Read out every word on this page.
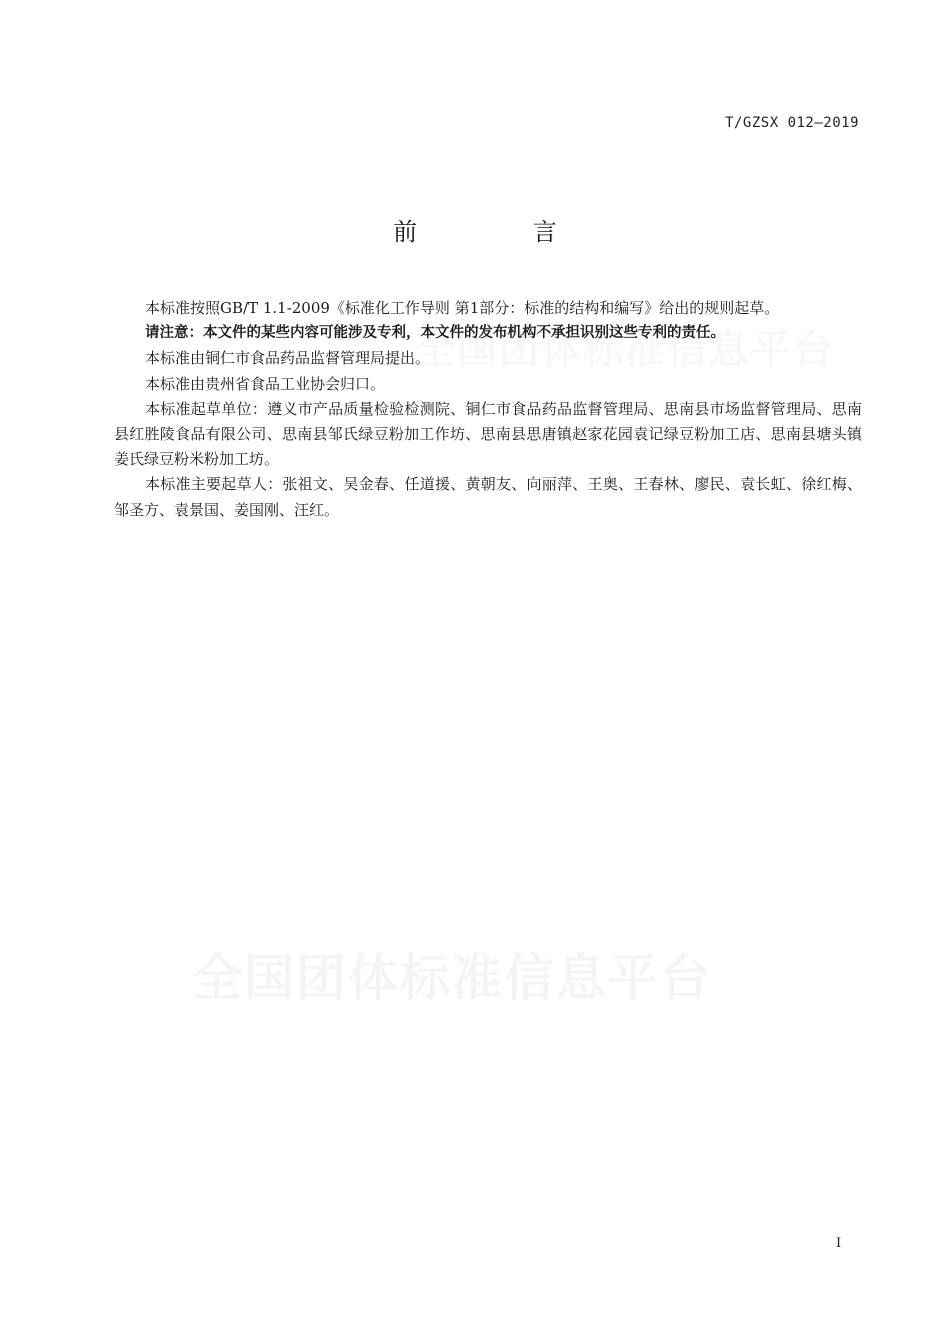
T/GZSX 012—2019
前 言

本标准按照GB/T 1.1-2009《标准化工作导则 第1部分：标准的结构和编写》给出的规则起草。

请注意：本文件的某些内容可能涉及专利，本文件的发布机构不承担识别这些专利的责任。

本标准由铜仁市食品药品监督管理局提出。

本标准由贵州省食品工业协会归口。

本标准起草单位：遵义市产品质量检验检测院、铜仁市食品药品监督管理局、思南县市场监督管理局、思南县红胜陵食品有限公司、思南县邹氏绿豆粉加工作坊、思南县思唐镇赵家花园袁记绿豆粉加工店、思南县塘头镇姜氏绿豆粉米粉加工坊。

本标准主要起草人：张祖文、吴金春、任道援、黄朝友、向丽萍、王奥、王春林、廖民、袁长虹、徐红梅、邹圣方、袁景国、姜国刚、汪红。

I
